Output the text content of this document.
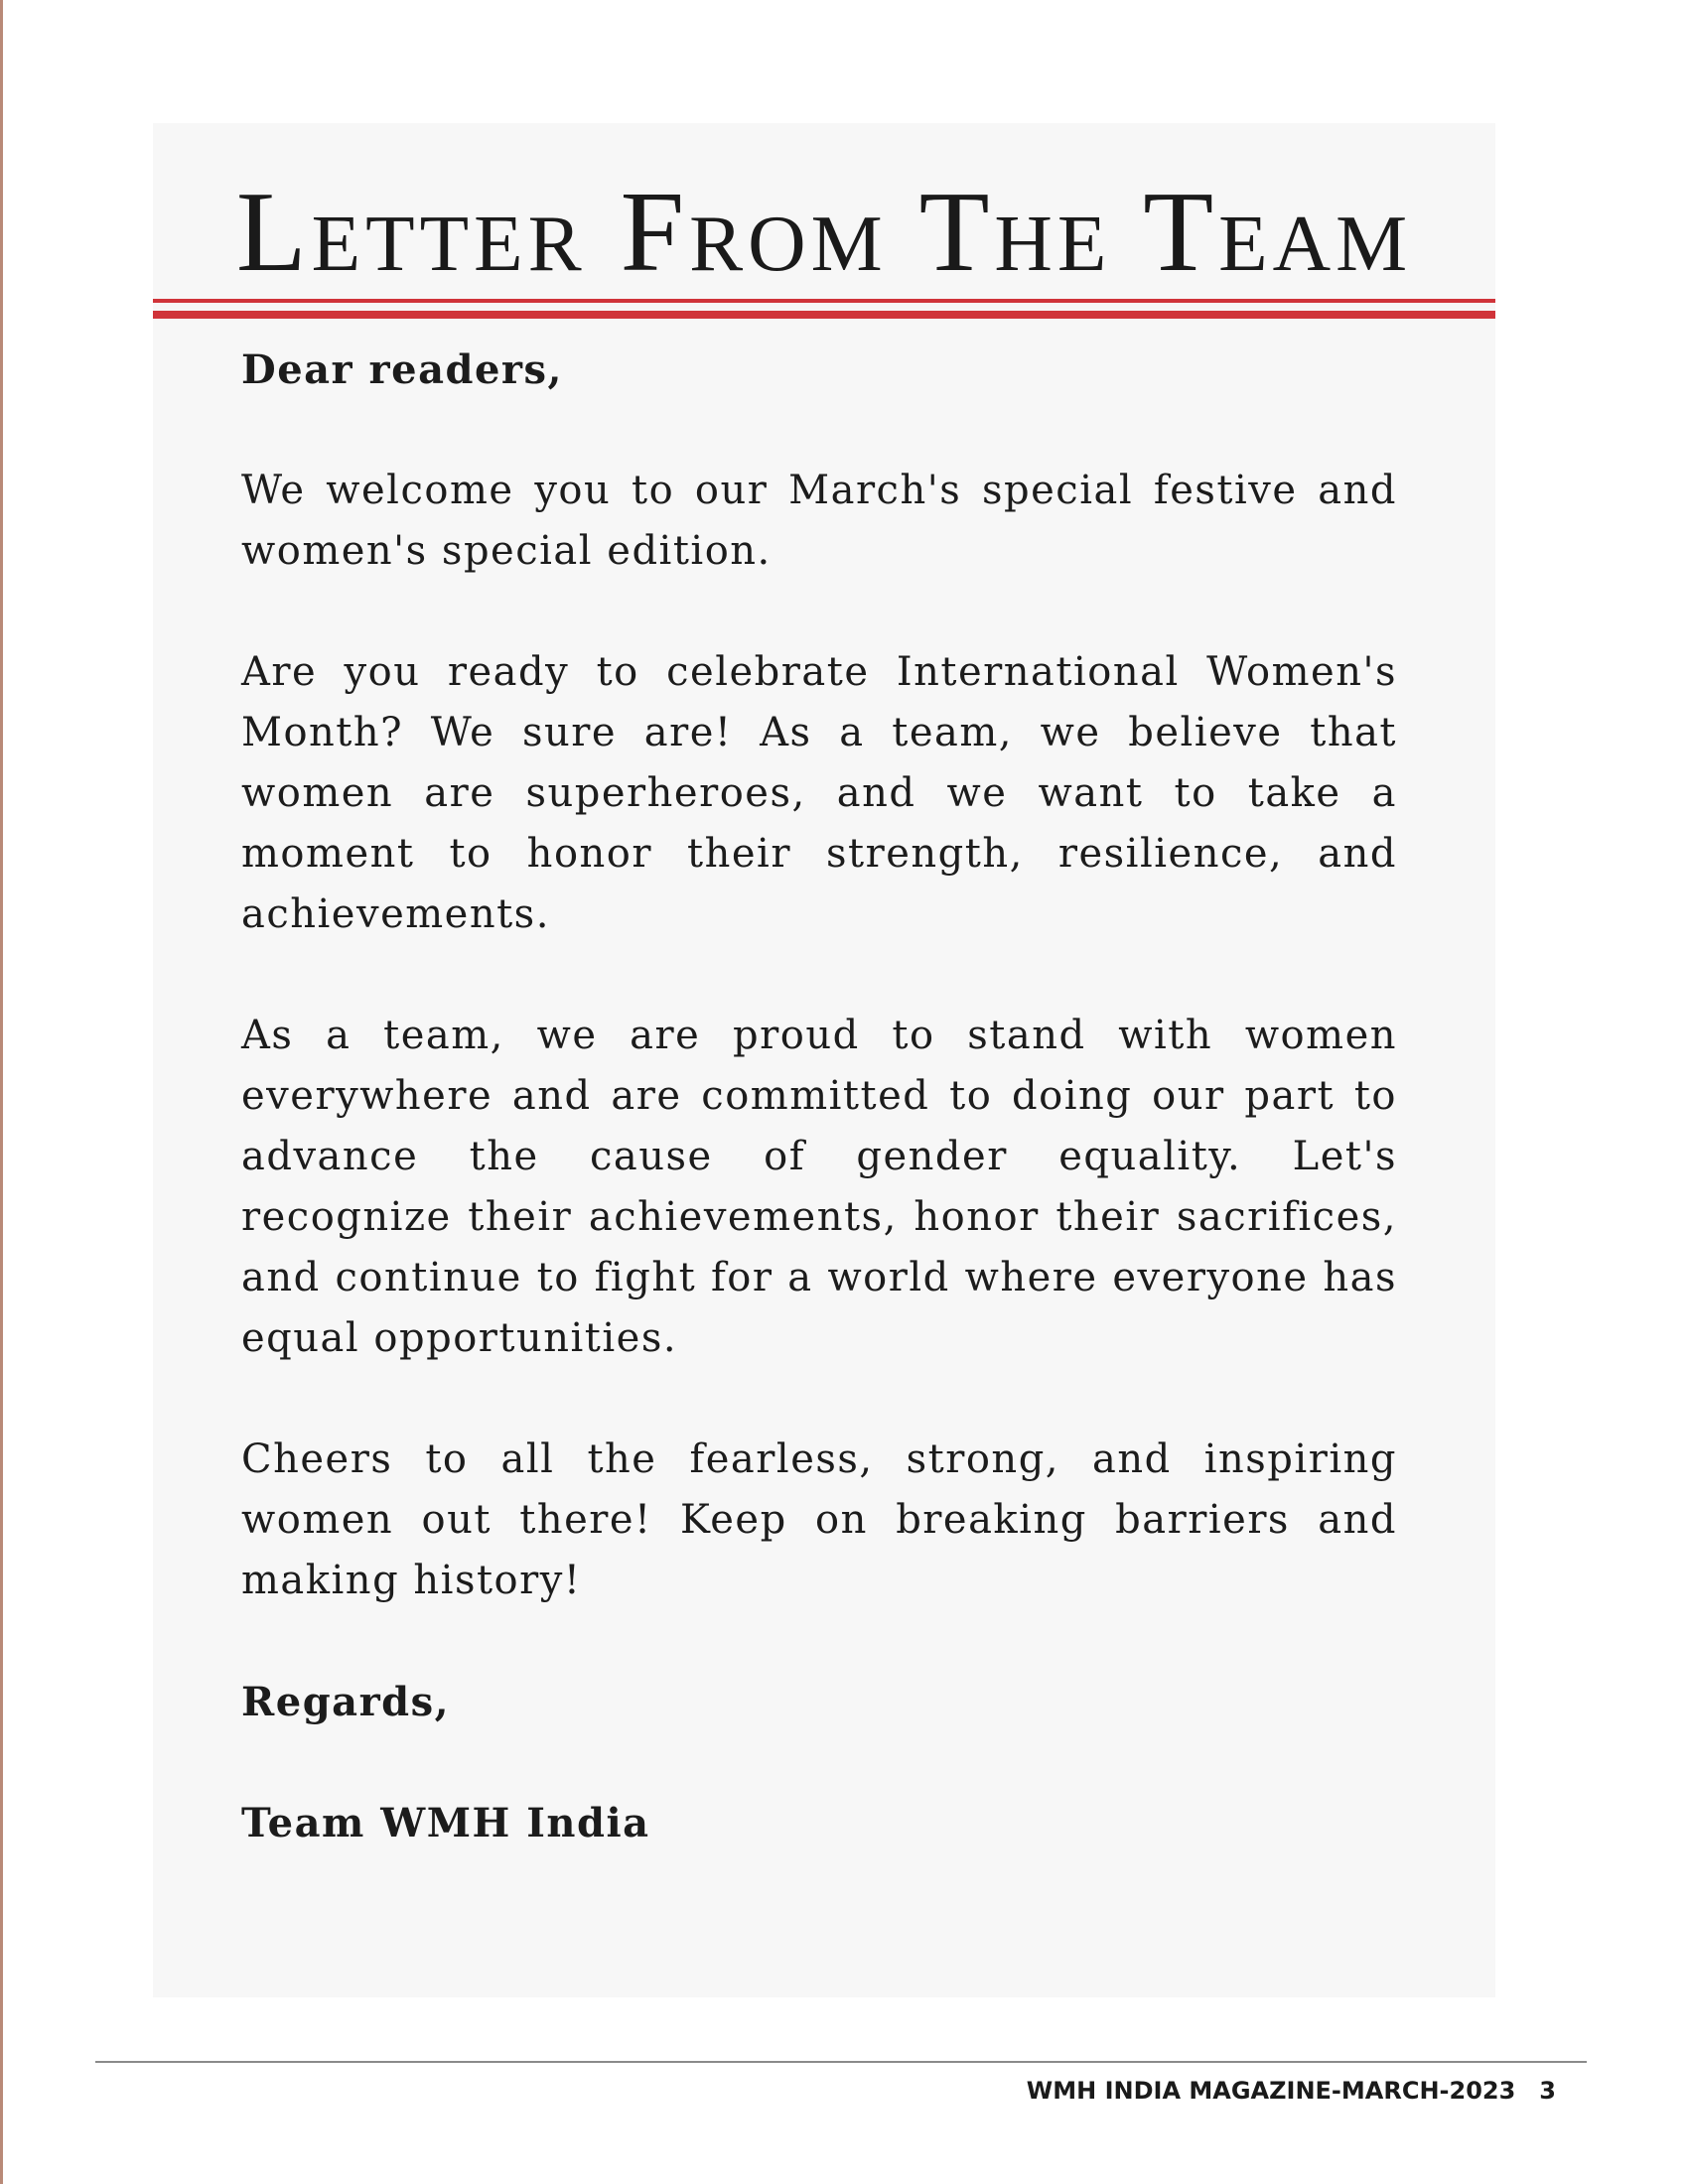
Letter From The Team

Dear readers,

We welcome you to our March's special festive and women's special edition.

Are you ready to celebrate International Women's Month? We sure are! As a team, we believe that women are superheroes, and we want to take a moment to honor their strength, resilience, and achievements.

As a team, we are proud to stand with women everywhere and are committed to doing our part to advance the cause of gender equality. Let's recognize their achievements, honor their sacrifices, and continue to fight for a world where everyone has equal opportunities.

Cheers to all the fearless, strong, and inspiring women out there! Keep on breaking barriers and making history!

Regards,

Team WMH India

WMH INDIA MAGAZINE-MARCH-2023 3
